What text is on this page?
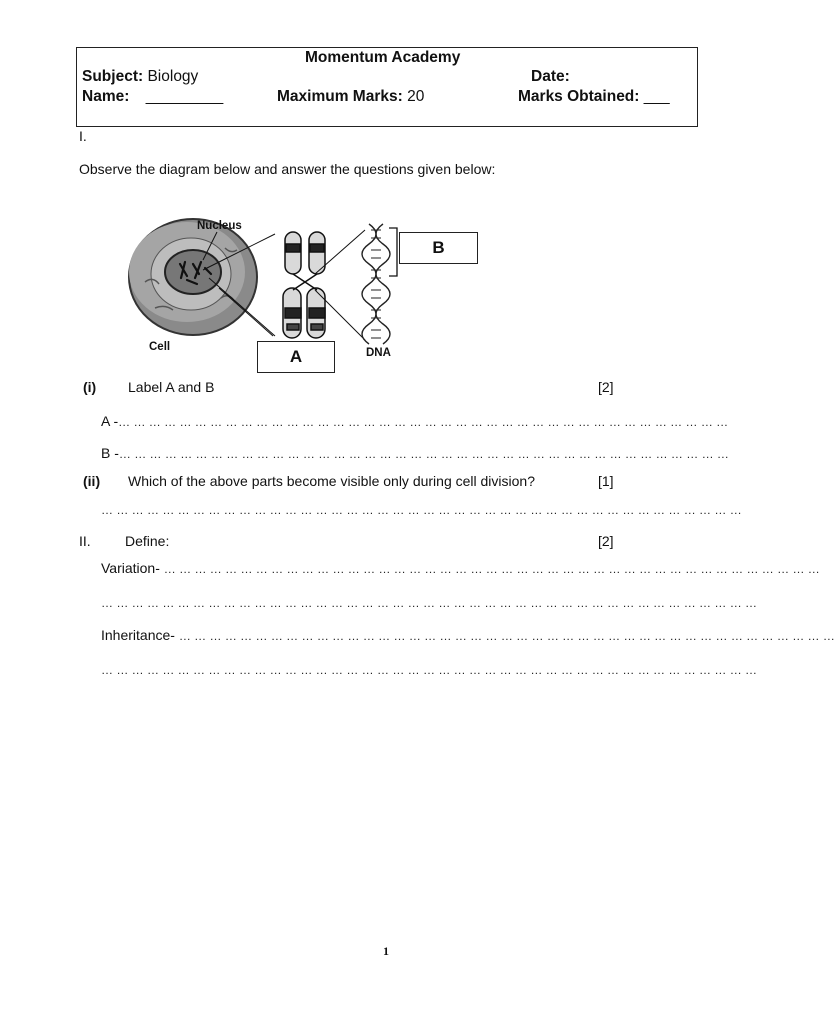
Momentum Academy
Subject: Biology	Date:
Name: _________	Maximum Marks: 20	Marks Obtained: ___
I.
Observe the diagram below and answer the questions given below:
Nucleus
Cell	DNA
B
A
(i) Label A and B	[2]
A -… … … … … … … … … … … … … … … … … … … … … … … … … … … … … … … … … … … … … … … …
B -… … … … … … … … … … … … … … … … … … … … … … … … … … … … … … … … … … … … … … … …
(ii) Which of the above parts become visible only during cell division?	[1]
… … … … … … … … … … … … … … … … … … … … … … … … … … … … … … … … … … … … … … … … … …
II. Define:	[2]
Variation- … … … … … … … … … … … … … … … … … … … … … … … … … … … … … … … … … … … … … … … … … … …
… … … … … … … … … … … … … … … … … … … … … … … … … … … … … … … … … … … … … … … … … … …
Inheritance- … … … … … … … … … … … … … … … … … … … … … … … … … … … … … … … … … … … … … … … … … … …
… … … … … … … … … … … … … … … … … … … … … … … … … … … … … … … … … … … … … … … … … … …
1
